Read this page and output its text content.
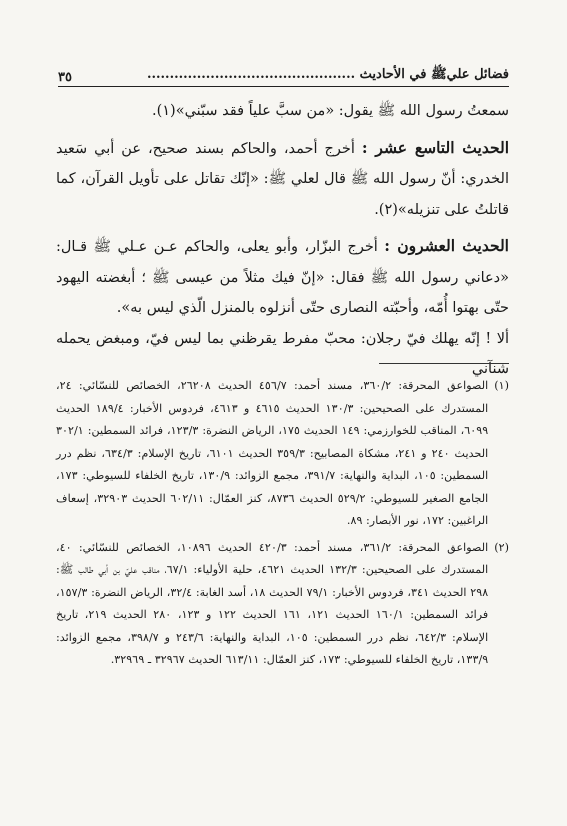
فضائل عليﷺ في الأحاديث ..............................................
٣٥

سمعتُ رسول الله ﷺ يقول: «من سبَّ علياً فقد سبّني»(١).

الحديث التاسع عشر : أخرج أحمد، والحاكم بسند صحيح، عن أبي سَعيد الخدري: أنّ رسول الله ﷺ قال لعلي ﷺ: «إنّك تقاتل على تأويل القرآن، كما قاتلتُ على تنزيله»(٢).

الحديث العشرون : أخرج البزّار، وأبو يعلى، والحاكم عـن عـلي ﷺ قـال: «دعاني رسول الله ﷺ فقال: «إنّ فيك مثلاً من عيسى ﷺ ؛ أبغضته اليهود حتّى بهتوا أُمّه، وأحبّته النصارى حتّى أنزلوه بالمنزل الّذي ليس به».

ألا ! إنّه يهلك فيّ رجلان: محبّ مفرط يقرظني بما ليس فيّ، ومبغض يحمله شنآني

(١)
الصواعق المحرقة: ٣٦٠/٢، مسند أحمد: ٤٥٦/٧ الحديث ٢٦٢٠٨، الخصائص للنسّائي: ٢٤، المستدرك على الصحيحين: ١٣٠/٣ الحديث ٤٦١٥ و ٤٦١٣، فردوس الأخبار: ١٨٩/٤ الحديث ٦٠٩٩، المناقب للخوارزمي: ١٤٩ الحديث ١٧٥، الرياض النضرة: ١٢٣/٣، فرائد السمطين: ٣٠٢/١ الحديث ٢٤٠ و ٢٤١، مشكاة المصابيح: ٣٥٩/٣ الحديث ٦١٠١، تاريخ الإسلام: ٦٣٤/٣، نظم درر السمطين: ١٠٥، البداية والنهاية: ٣٩١/٧، مجمع الزوائد: ١٣٠/٩، تاريخ الخلفاء للسيوطي: ١٧٣، الجامع الصغير للسيوطي: ٥٢٩/٢ الحديث ٨٧٣٦، كنز العمّال: ٦٠٢/١١ الحديث ٣٢٩٠٣، إسعاف الراغبين: ١٧٢، نور الأبصار: ٨٩.
(٢)
الصواعق المحرقة: ٣٦١/٢، مسند أحمد: ٤٢٠/٣ الحديث ١٠٨٩٦، الخصائص للنسّائي: ٤٠، المستدرك على الصحيحين: ١٣٢/٣ الحديث ٤٦٢١، حلية الأولياء: ٦٧/١، مناقب عليّ بن أبي طالب ﷺ: ٢٩٨ الحديث ٣٤١، فردوس الأخبار: ٧٩/١ الحديث ١٨، أسد الغابة: ٣٢/٤، الرياض النضرة: ١٥٧/٣، فرائد السمطين: ١٦٠/١ الحديث ١٢١، ١٦١ الحديث ١٢٢ و ١٢٣، ٢٨٠ الحديث ٢١٩، تاريخ الإسلام: ٦٤٢/٣، نظم درر السمطين: ١٠٥، البداية والنهاية: ٢٤٣/٦ و ٣٩٨/٧، مجمع الزوائد: ١٣٣/٩، تاريخ الخلفاء للسيوطي: ١٧٣، كنز العمّال: ٦١٣/١١ الحديث ٣٢٩٦٧ ـ ٣٢٩٦٩.
